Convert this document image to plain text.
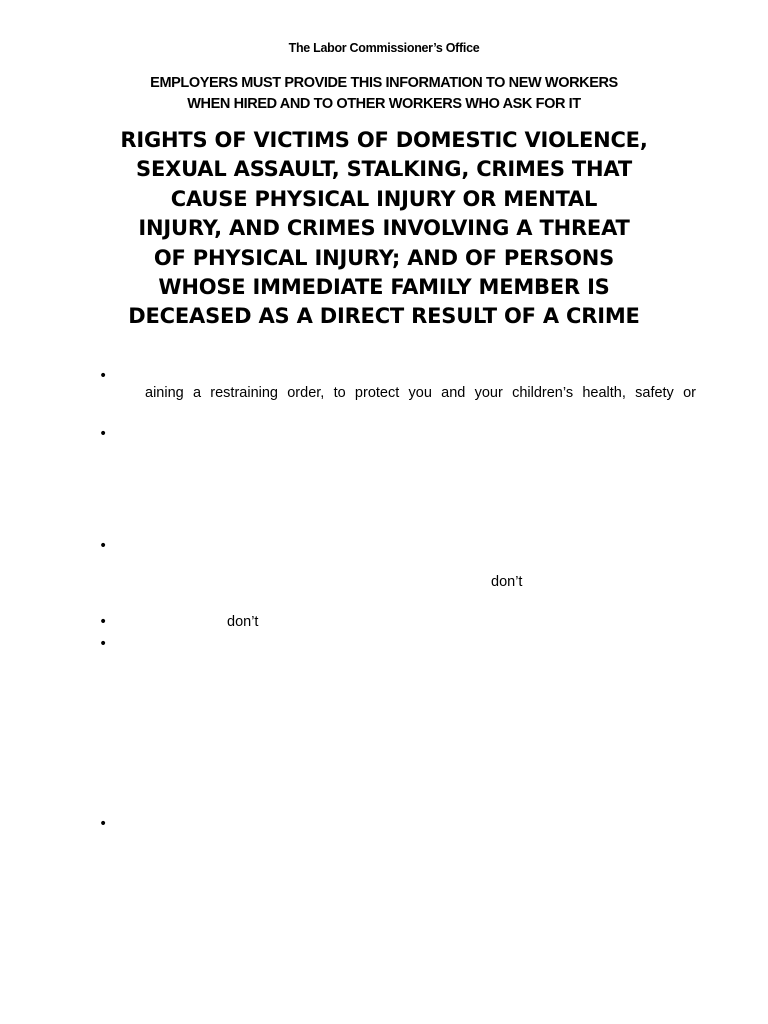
The Labor Commissioner’s Office
EMPLOYERS MUST PROVIDE THIS INFORMATION TO NEW WORKERS
WHEN HIRED AND TO OTHER WORKERS WHO ASK FOR IT
RIGHTS OF VICTIMS OF DOMESTIC VIOLENCE,
SEXUAL ASSAULT, STALKING, CRIMES THAT
CAUSE PHYSICAL INJURY OR MENTAL
INJURY, AND CRIMES INVOLVING A THREAT
OF PHYSICAL INJURY; AND OF PERSONS
WHOSE IMMEDIATE FAMILY MEMBER IS
DECEASED AS A DIRECT RESULT OF A CRIME
•
•
•
•
•
•
aining a restraining order, to protect you and your children’s health, safety or
don’t
don’t
